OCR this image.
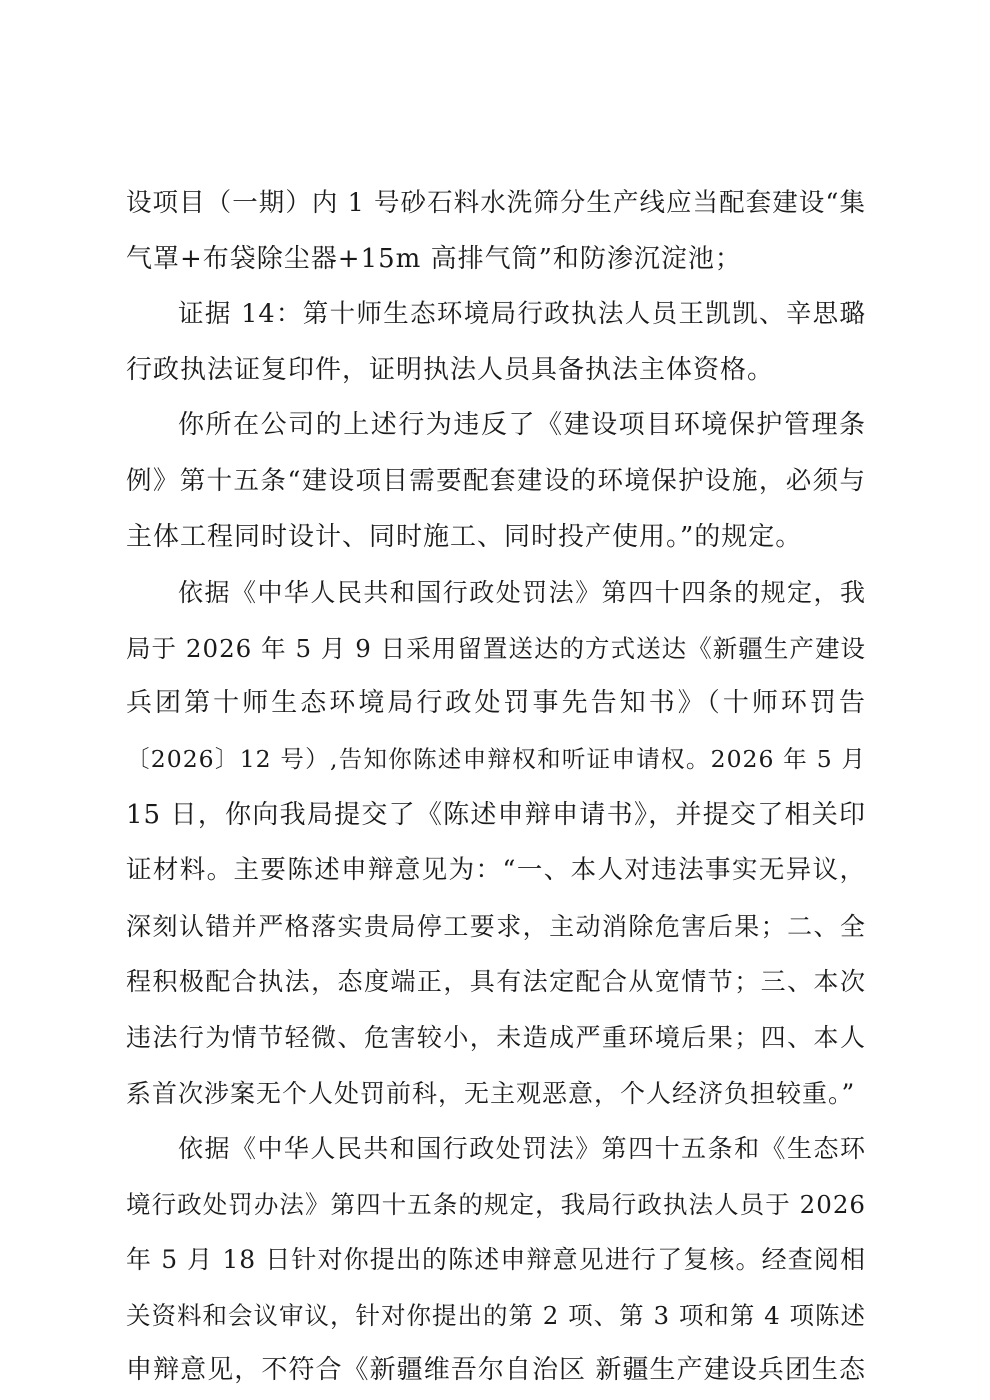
设项目（一期）内 1 号砂石料水洗筛分生产线应当配套建设“集
气罩+布袋除尘器+15m 高排气筒”和防渗沉淀池；
证据 14：第十师生态环境局行政执法人员王凯凯、辛思璐
行政执法证复印件，证明执法人员具备执法主体资格。
你所在公司的上述行为违反了《建设项目环境保护管理条
例》第十五条“建设项目需要配套建设的环境保护设施，必须与
主体工程同时设计、同时施工、同时投产使用。”的规定。
依据《中华人民共和国行政处罚法》第四十四条的规定，我
局于 2026 年 5 月 9 日采用留置送达的方式送达《新疆生产建设
兵团第十师生态环境局行政处罚事先告知书》（十师环罚告
〔2026〕12 号）,告知你陈述申辩权和听证申请权。2026 年 5 月
15 日，你向我局提交了《陈述申辩申请书》，并提交了相关印
证材料。主要陈述申辩意见为：“一、本人对违法事实无异议，
深刻认错并严格落实贵局停工要求，主动消除危害后果；二、全
程积极配合执法，态度端正，具有法定配合从宽情节；三、本次
违法行为情节轻微、危害较小，未造成严重环境后果；四、本人
系首次涉案无个人处罚前科，无主观恶意，个人经济负担较重。”
依据《中华人民共和国行政处罚法》第四十五条和《生态环
境行政处罚办法》第四十五条的规定，我局行政执法人员于 2026
年 5 月 18 日针对你提出的陈述申辩意见进行了复核。经查阅相
关资料和会议审议，针对你提出的第 2 项、第 3 项和第 4 项陈述
申辩意见，不符合《新疆维吾尔自治区 新疆生产建设兵团生态
